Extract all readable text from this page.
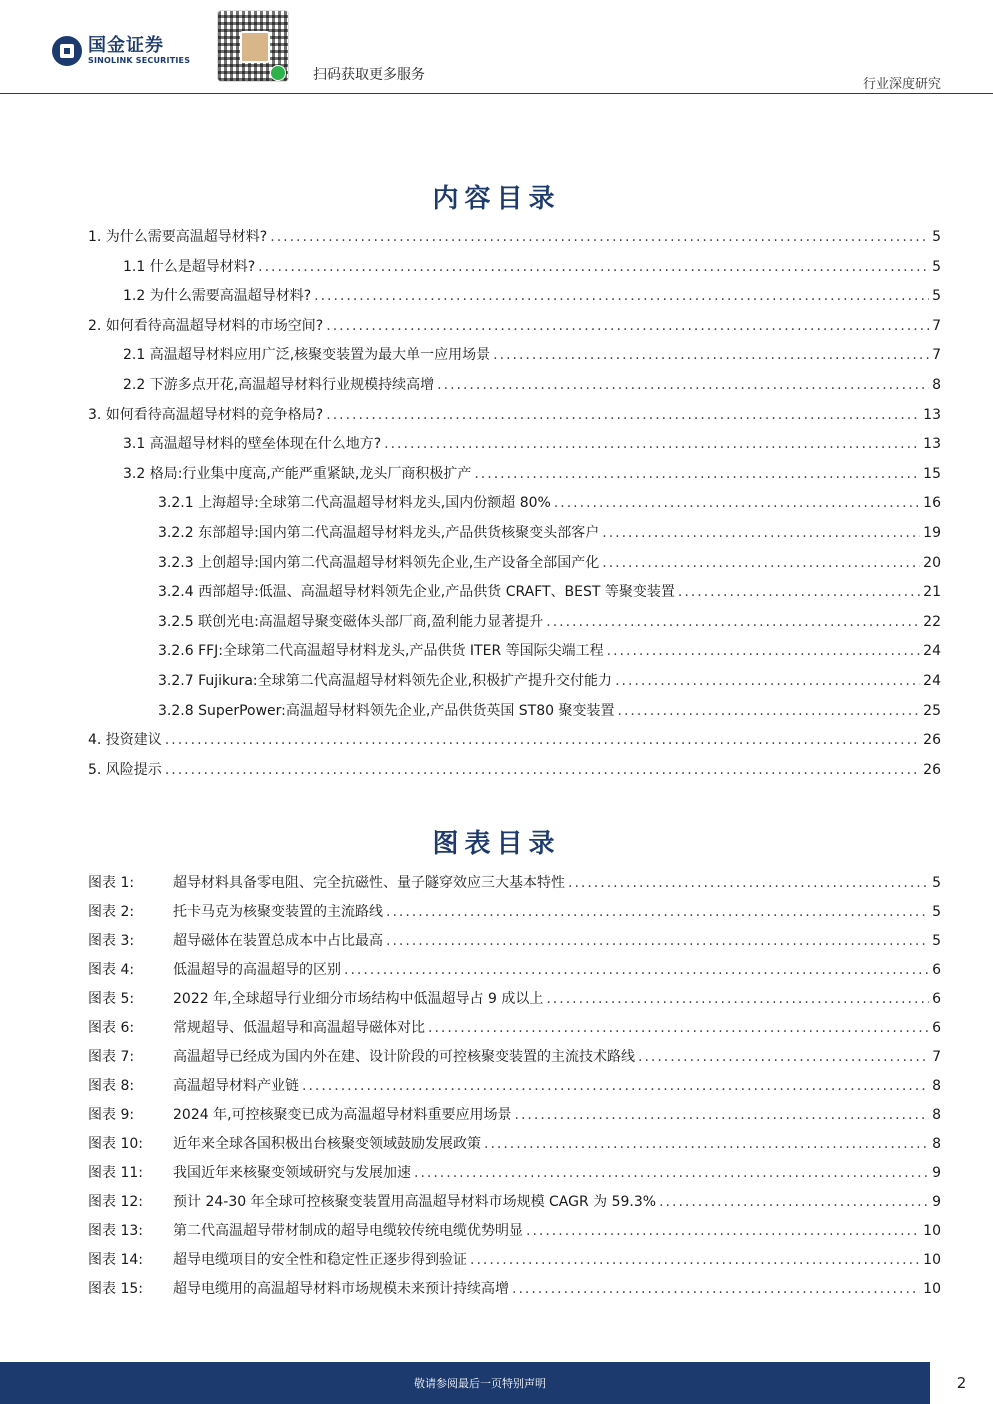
国金证券
SINOLINK SECURITIES
扫码获取更多服务
行业深度研究
内容目录
1. 为什么需要高温超导材料? .....	5
1.1 什么是超导材料? .....	5
1.2 为什么需要高温超导材料? .....	5
2. 如何看待高温超导材料的市场空间? .....	7
2.1 高温超导材料应用广泛,核聚变装置为最大单一应用场景 .....	7
2.2 下游多点开花,高温超导材料行业规模持续高增 .....	8
3. 如何看待高温超导材料的竞争格局? .....	13
3.1 高温超导材料的壁垒体现在什么地方? .....	13
3.2 格局:行业集中度高,产能严重紧缺,龙头厂商积极扩产 .....	15
3.2.1 上海超导:全球第二代高温超导材料龙头,国内份额超 80% .....	16
3.2.2 东部超导:国内第二代高温超导材料龙头,产品供货核聚变头部客户 .....	19
3.2.3 上创超导:国内第二代高温超导材料领先企业,生产设备全部国产化 .....	20
3.2.4 西部超导:低温、高温超导材料领先企业,产品供货 CRAFT、BEST 等聚变装置 .....	21
3.2.5 联创光电:高温超导聚变磁体头部厂商,盈利能力显著提升 .....	22
3.2.6 FFJ:全球第二代高温超导材料龙头,产品供货 ITER 等国际尖端工程 .....	24
3.2.7 Fujikura:全球第二代高温超导材料领先企业,积极扩产提升交付能力 .....	24
3.2.8 SuperPower:高温超导材料领先企业,产品供货英国 ST80 聚变装置 .....	25
4. 投资建议 .....	26
5. 风险提示 .....	26
图表目录
图表 1:	超导材料具备零电阻、完全抗磁性、量子隧穿效应三大基本特性 .....	5
图表 2:	托卡马克为核聚变装置的主流路线 .....	5
图表 3:	超导磁体在装置总成本中占比最高 .....	5
图表 4:	低温超导的高温超导的区别 .....	6
图表 5:	2022 年,全球超导行业细分市场结构中低温超导占 9 成以上 .....	6
图表 6:	常规超导、低温超导和高温超导磁体对比 .....	6
图表 7:	高温超导已经成为国内外在建、设计阶段的可控核聚变装置的主流技术路线 .....	7
图表 8:	高温超导材料产业链 .....	8
图表 9:	2024 年,可控核聚变已成为高温超导材料重要应用场景 .....	8
图表 10:	近年来全球各国积极出台核聚变领域鼓励发展政策 .....	8
图表 11:	我国近年来核聚变领域研究与发展加速 .....	9
图表 12:	预计 24-30 年全球可控核聚变装置用高温超导材料市场规模 CAGR 为 59.3% .....	9
图表 13:	第二代高温超导带材制成的超导电缆较传统电缆优势明显 .....	10
图表 14:	超导电缆项目的安全性和稳定性正逐步得到验证 .....	10
图表 15:	超导电缆用的高温超导材料市场规模未来预计持续高增 .....	10
敬请参阅最后一页特别声明	2
